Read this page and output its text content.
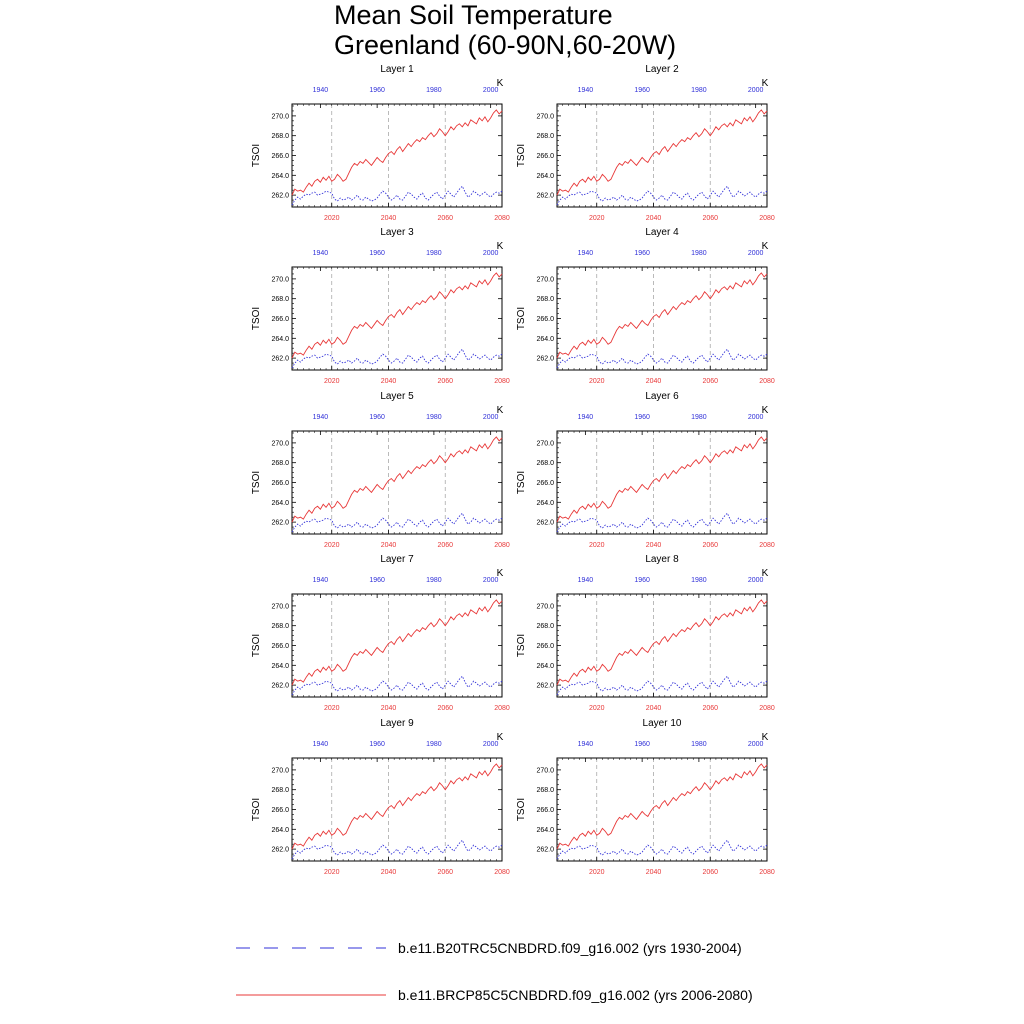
Mean Soil Temperature
Greenland (60-90N,60-20W)
Layer 1
K
TSOI
262.0
264.0
266.0
268.0
270.0
2020	2040	2060	2080
1940	1960	1980	2000
Layer 2
K
TSOI
262.0
264.0
266.0
268.0
270.0
2020	2040	2060	2080
1940	1960	1980	2000
Layer 3
K
TSOI
262.0
264.0
266.0
268.0
270.0
2020	2040	2060	2080
1940	1960	1980	2000
Layer 4
K
TSOI
262.0
264.0
266.0
268.0
270.0
2020	2040	2060	2080
1940	1960	1980	2000
Layer 5
K
TSOI
262.0
264.0
266.0
268.0
270.0
2020	2040	2060	2080
1940	1960	1980	2000
Layer 6
K
TSOI
262.0
264.0
266.0
268.0
270.0
2020	2040	2060	2080
1940	1960	1980	2000
Layer 7
K
TSOI
262.0
264.0
266.0
268.0
270.0
2020	2040	2060	2080
1940	1960	1980	2000
Layer 8
K
TSOI
262.0
264.0
266.0
268.0
270.0
2020	2040	2060	2080
1940	1960	1980	2000
Layer 9
K
TSOI
262.0
264.0
266.0
268.0
270.0
2020	2040	2060	2080
1940	1960	1980	2000
Layer 10
K
TSOI
262.0
264.0
266.0
268.0
270.0
2020	2040	2060	2080
1940	1960	1980	2000
b.e11.B20TRC5CNBDRD.f09_g16.002 (yrs 1930-2004)
b.e11.BRCP85C5CNBDRD.f09_g16.002 (yrs 2006-2080)
